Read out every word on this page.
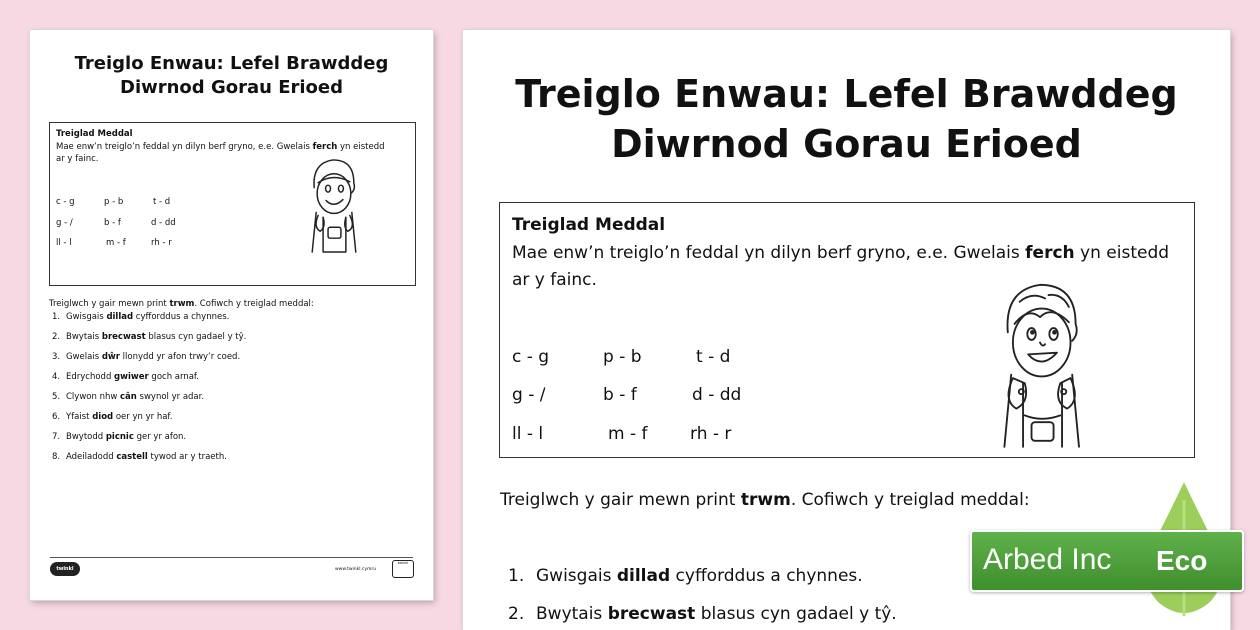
Treiglo Enwau: Lefel Brawddeg
Diwrnod Gorau Erioed
Treiglad Meddal
Mae enw’n treiglo’n feddal yn dilyn berf gryno, e.e. Gwelais ferch yn eistedd
ar y fainc.
c - g	p - b	t - d
g - /	b - f	d - dd
ll - l	m - f	rh - r
Treiglwch y gair mewn print trwm. Cofiwch y treiglad meddal:
1. Gwisgais dillad cyfforddus a chynnes.
2. Bwytais brecwast blasus cyn gadael y tŷ.
3. Gwelais dŵr llonydd yr afon trwy’r coed.
4. Edrychodd gwiwer goch arnaf.
5. Clywon nhw cân swynol yr adar.
6. Yfaist diod oer yn yr haf.
7. Bwytodd picnic ger yr afon.
8. Adeiladodd castell tywod ar y traeth.
twinkl	www.twinkl.cymru
twinkl
Treiglo Enwau: Lefel Brawddeg
Diwrnod Gorau Erioed
Treiglad Meddal
Mae enw’n treiglo’n feddal yn dilyn berf gryno, e.e. Gwelais ferch yn eistedd
ar y fainc.
c - g	p - b	t - d
g - /	b - f	d - dd
ll - l	m - f	rh - r
Treiglwch y gair mewn print trwm. Cofiwch y treiglad meddal:
1. Gwisgais dillad cyfforddus a chynnes.
2. Bwytais brecwast blasus cyn gadael y tŷ.
Arbed Inc Eco
